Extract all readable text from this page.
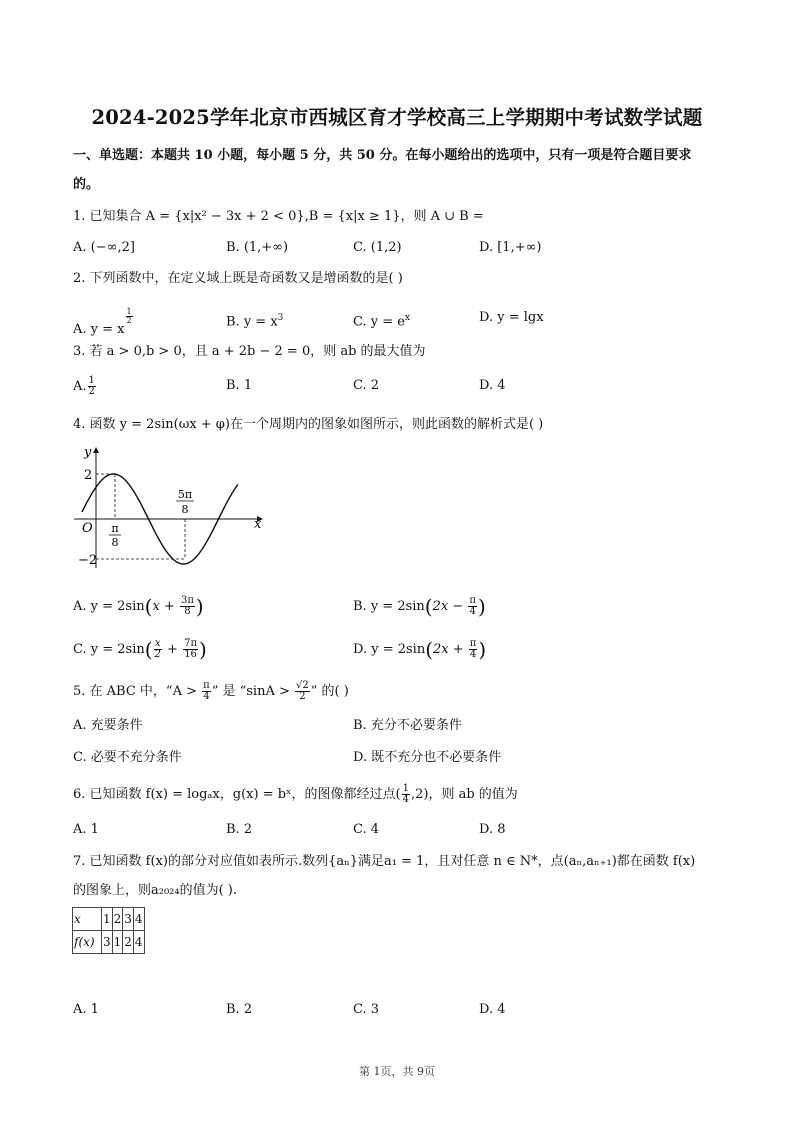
2024-2025学年北京市西城区育才学校高三上学期期中考试数学试题
一、单选题：本题共 10 小题，每小题 5 分，共 50 分。在每小题给出的选项中，只有一项是符合题目要求
的。
1. 已知集合 A = {x|x² − 3x + 2 < 0},B = {x|x ≥ 1}，则 A ∪ B =
A. (−∞,2]	B. (1,+∞)	C. (1,2)	D. [1,+∞)
2. 下列函数中，在定义域上既是奇函数又是增函数的是( )
A. y = x
$\frac{1}{2}$	B. $y = x^3$	C. $y = e^x$	D. y = lgx
3. 若 a > 0,b > 0，且 a + 2b − 2 = 0，则 ab 的最大值为
A. $\frac{1}{2}$	B. 1	C. 2	D. 4
4. 函数 y = 2sin(ωx + φ)在一个周期内的图象如图所示，则此函数的解析式是( )
y
x
O
2
−2
π
8
5π
8
A. $y = 2\sin(x + \frac{3\pi}{8}$ )	B. $y = 2\sin(2x - \frac{\pi}{4}$ )
C. $y = 2\sin( \frac{x}{2} + \frac{7\pi}{16}$ )	D. $y = 2\sin(2x + \frac{\pi}{4}$ )
5. 在 ABC 中，“$A > \frac{\pi}{4}$ ” 是 “$\sin A > \frac{√2}{2}$ ” 的( )
A. 充要条件	B. 充分不必要条件
C. 必要不充分条件	D. 既不充分也不必要条件
6. 已知函数 f(x) = logₐx，g(x) = bˣ，的图像都经过点( $\frac{1}{4} ,2$)，则 ab 的值为
A. 1	B. 2	C. 4	D. 8
7. 已知函数 f(x)的部分对应值如表所示.数列{aₙ}满足a₁ = 1，且对任意 n ∈ N*，点(aₙ,aₙ₊₁)都在函数 f(x)
的图象上，则a₂₀₂₄的值为( ).
x	1	2	3	4
f(x)	3	1	2	4
A. 1	B. 2	C. 3	D. 4
第 1页，共 9页
